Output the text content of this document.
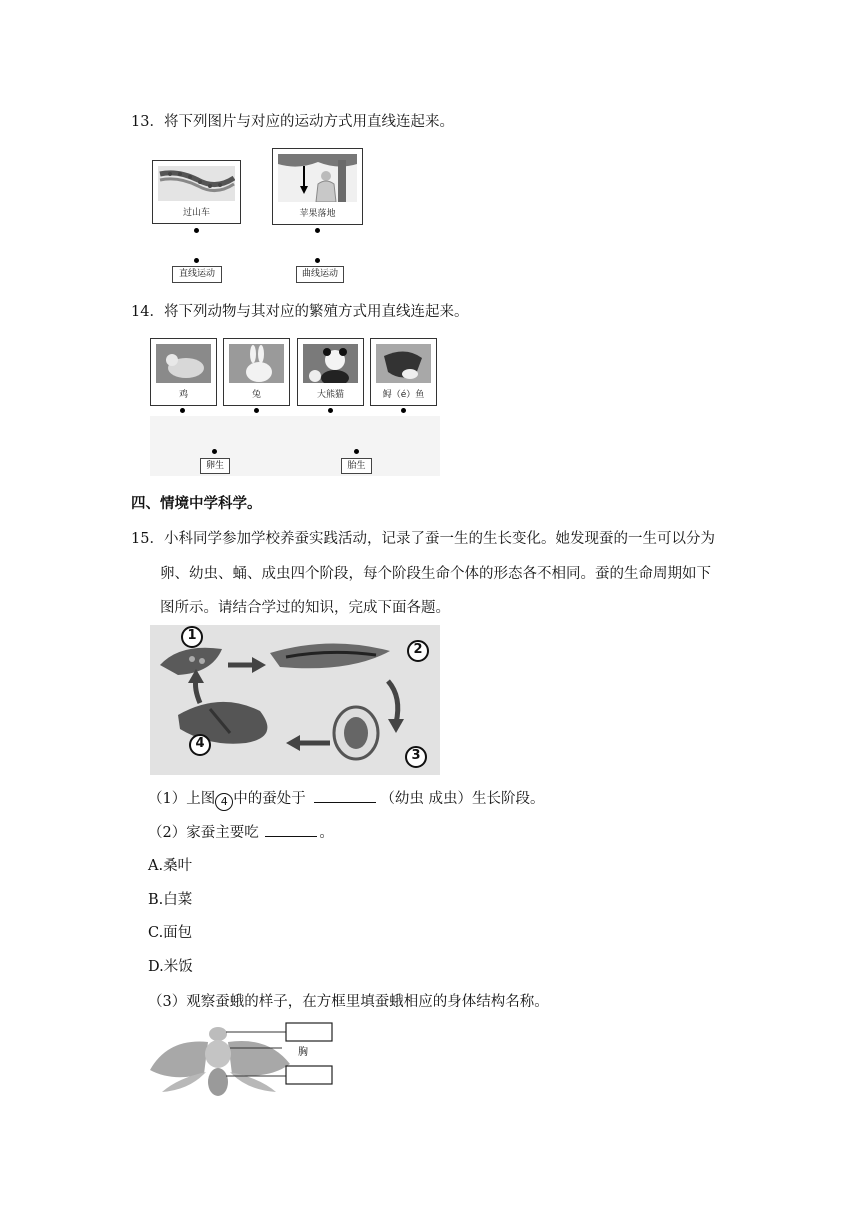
13．将下列图片与对应的运动方式用直线连起来。
过山车	苹果落地
直线运动	曲线运动
14．将下列动物与其对应的繁殖方式用直线连起来。
鸡	兔	大熊猫	鲟（é）鱼
卵生	胎生
四、情境中学科学。
15．小科同学参加学校养蚕实践活动，记录了蚕一生的生长变化。她发现蚕的一生可以分为
卵、幼虫、蛹、成虫四个阶段，每个阶段生命个体的形态各不相同。蚕的生命周期如下
图所示。请结合学过的知识，完成下面各题。
1
2
3
4
（1）上图 4 中的蚕处于	（幼虫 成虫）生长阶段。
（2）家蚕主要吃	。
A.桑叶
B.白菜
C.面包
D.米饭
（3）观察蚕蛾的样子，在方框里填蚕蛾相应的身体结构名称。
胸
